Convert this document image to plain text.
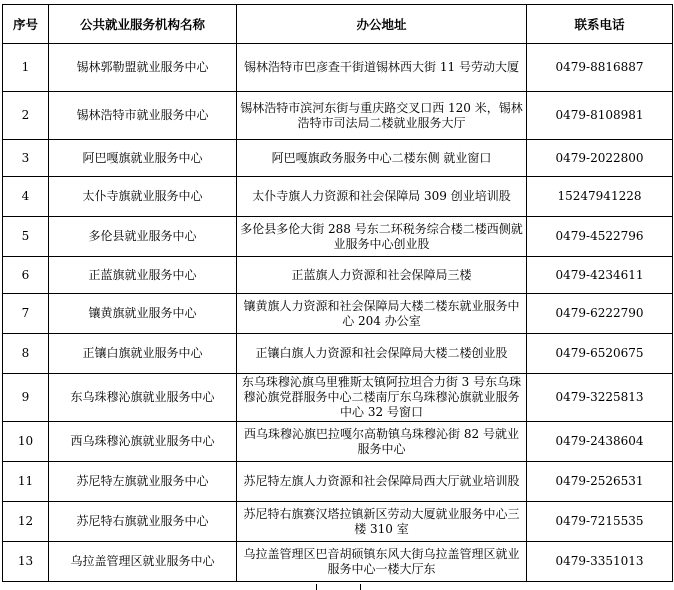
序号	公共就业服务机构名称	办公地址	联系电话
1	锡林郭勒盟就业服务中心	锡林浩特市巴彦查干街道锡林西大街 11 号劳动大厦	0479-8816887
2	锡林浩特市就业服务中心	锡林浩特市滨河东街与重庆路交叉口西 120 米，锡林浩特市司法局二楼就业服务大厅	0479-8108981
3	阿巴嘎旗就业服务中心	阿巴嘎旗政务服务中心二楼东侧 就业窗口	0479-2022800
4	太仆寺旗就业服务中心	太仆寺旗人力资源和社会保障局 309 创业培训股	15247941228
5	多伦县就业服务中心	多伦县多伦大街 288 号东二环税务综合楼二楼西侧就业服务中心创业股	0479-4522796
6	正蓝旗就业服务中心	正蓝旗人力资源和社会保障局三楼	0479-4234611
7	镶黄旗就业服务中心	镶黄旗人力资源和社会保障局大楼二楼东就业服务中心 204 办公室	0479-6222790
8	正镶白旗就业服务中心	正镶白旗人力资源和社会保障局大楼二楼创业股	0479-6520675
9	东乌珠穆沁旗就业服务中心	东乌珠穆沁旗乌里雅斯太镇阿拉坦合力街 3 号东乌珠穆沁旗党群服务中心二楼南厅东乌珠穆沁旗就业服务中心 32 号窗口	0479-3225813
10	西乌珠穆沁旗就业服务中心	西乌珠穆沁旗巴拉嘎尔高勒镇乌珠穆沁街 82 号就业服务中心	0479-2438604
11	苏尼特左旗就业服务中心	苏尼特左旗人力资源和社会保障局西大厅就业培训股	0479-2526531
12	苏尼特右旗就业服务中心	苏尼特右旗赛汉塔拉镇新区劳动大厦就业服务中心三楼 310 室	0479-7215535
13	乌拉盖管理区就业服务中心	乌拉盖管理区巴音胡硕镇东风大街乌拉盖管理区就业服务中心一楼大厅东	0479-3351013
